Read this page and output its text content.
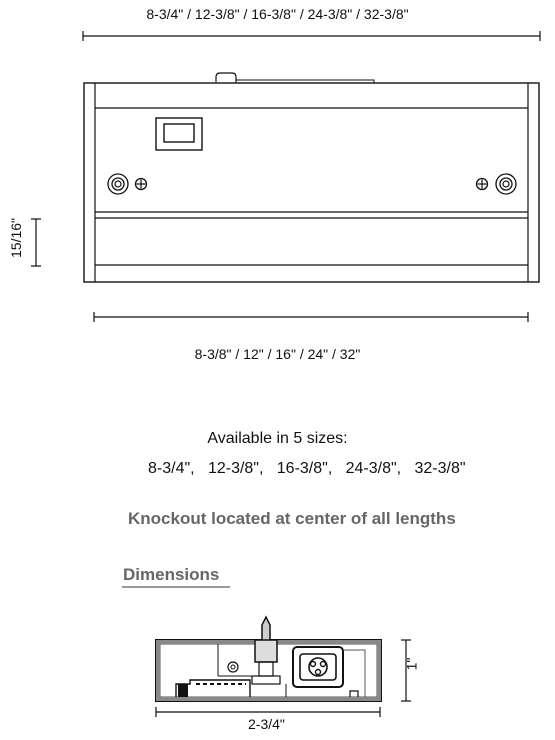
8-3/4" / 12-3/8" / 16-3/8" / 24-3/8" / 32-3/8"
15/16"
8-3/8" / 12" / 16" / 24" / 32"
Available in 5 sizes:
8-3/4", 12-3/8", 16-3/8", 24-3/8", 32-3/8"
Knockout located at center of all lengths
Dimensions
1"
2-3/4"
